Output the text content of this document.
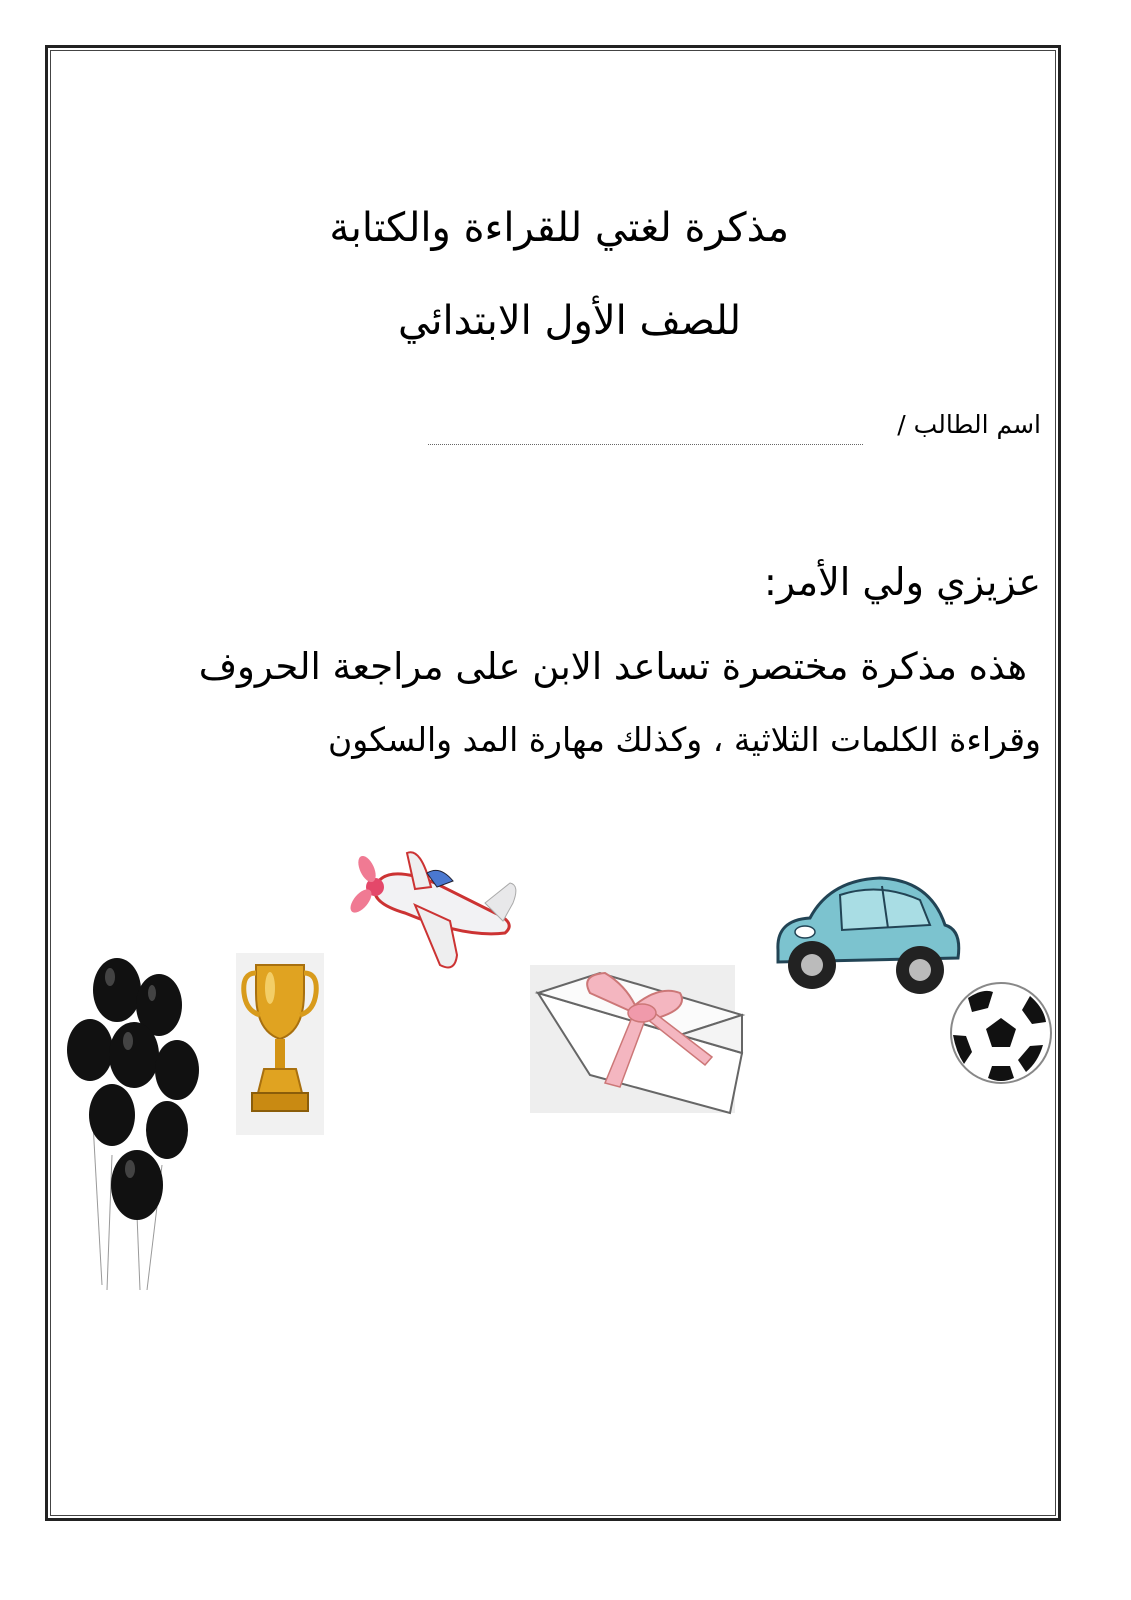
مذكرة لغتي للقراءة والكتابة
للصف الأول الابتدائي
اسم الطالب /
عزيزي ولي الأمر:
هذه مذكرة مختصرة تساعد الابن على مراجعة الحروف
وقراءة الكلمات الثلاثية ، وكذلك مهارة المد والسكون
